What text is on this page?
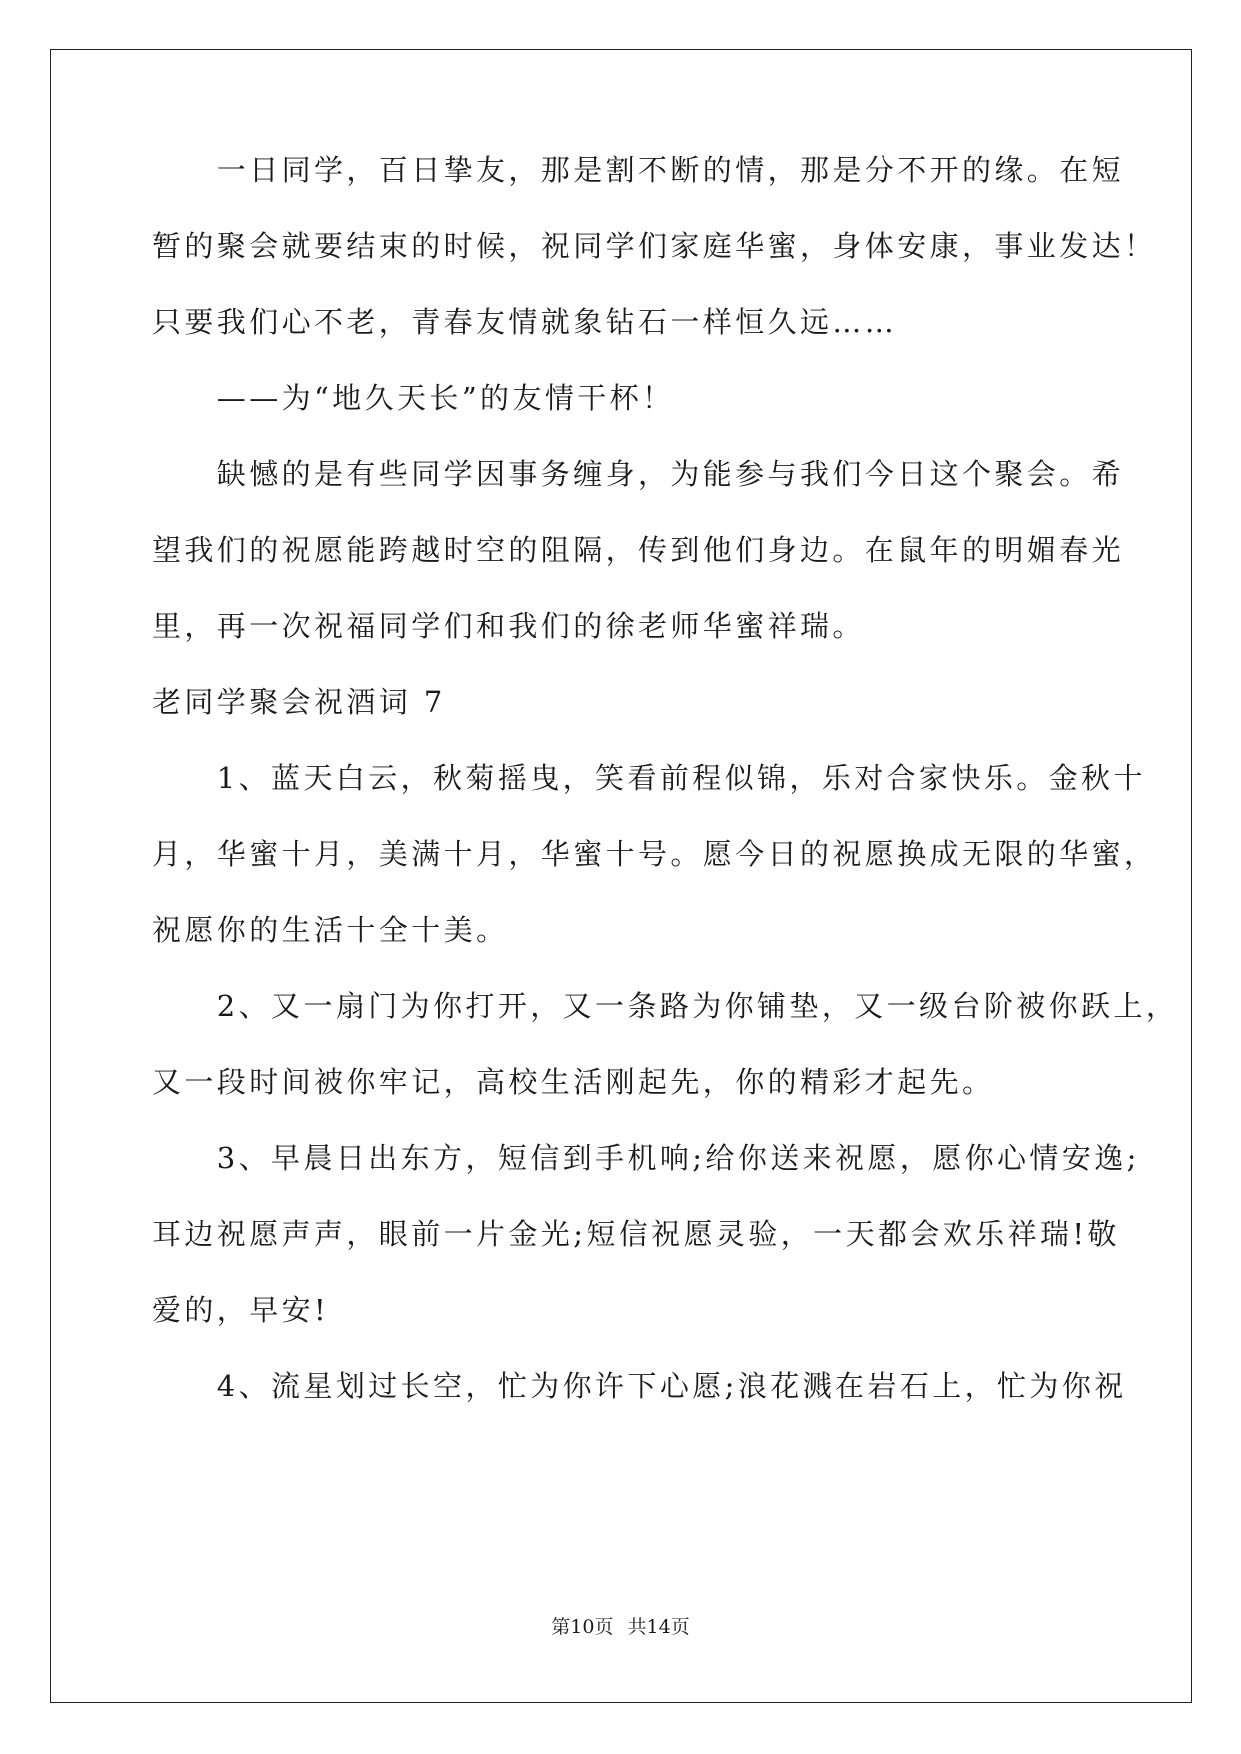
　　一日同学，百日挚友，那是割不断的情，那是分不开的缘。在短
暂的聚会就要结束的时候，祝同学们家庭华蜜，身体安康，事业发达！
只要我们心不老，青春友情就象钻石一样恒久远……
　　——为“地久天长”的友情干杯！
　　缺憾的是有些同学因事务缠身，为能参与我们今日这个聚会。希
望我们的祝愿能跨越时空的阻隔，传到他们身边。在鼠年的明媚春光
里，再一次祝福同学们和我们的徐老师华蜜祥瑞。
老同学聚会祝酒词 7
　　1、蓝天白云，秋菊摇曳，笑看前程似锦，乐对合家快乐。金秋十
月，华蜜十月，美满十月，华蜜十号。愿今日的祝愿换成无限的华蜜，
祝愿你的生活十全十美。
　　2、又一扇门为你打开，又一条路为你铺垫，又一级台阶被你跃上，
又一段时间被你牢记，高校生活刚起先，你的精彩才起先。
　　3、早晨日出东方，短信到手机响;给你送来祝愿，愿你心情安逸;
耳边祝愿声声，眼前一片金光;短信祝愿灵验，一天都会欢乐祥瑞!敬
爱的，早安!
　　4、流星划过长空，忙为你许下心愿;浪花溅在岩石上，忙为你祝
第10页 共14页
